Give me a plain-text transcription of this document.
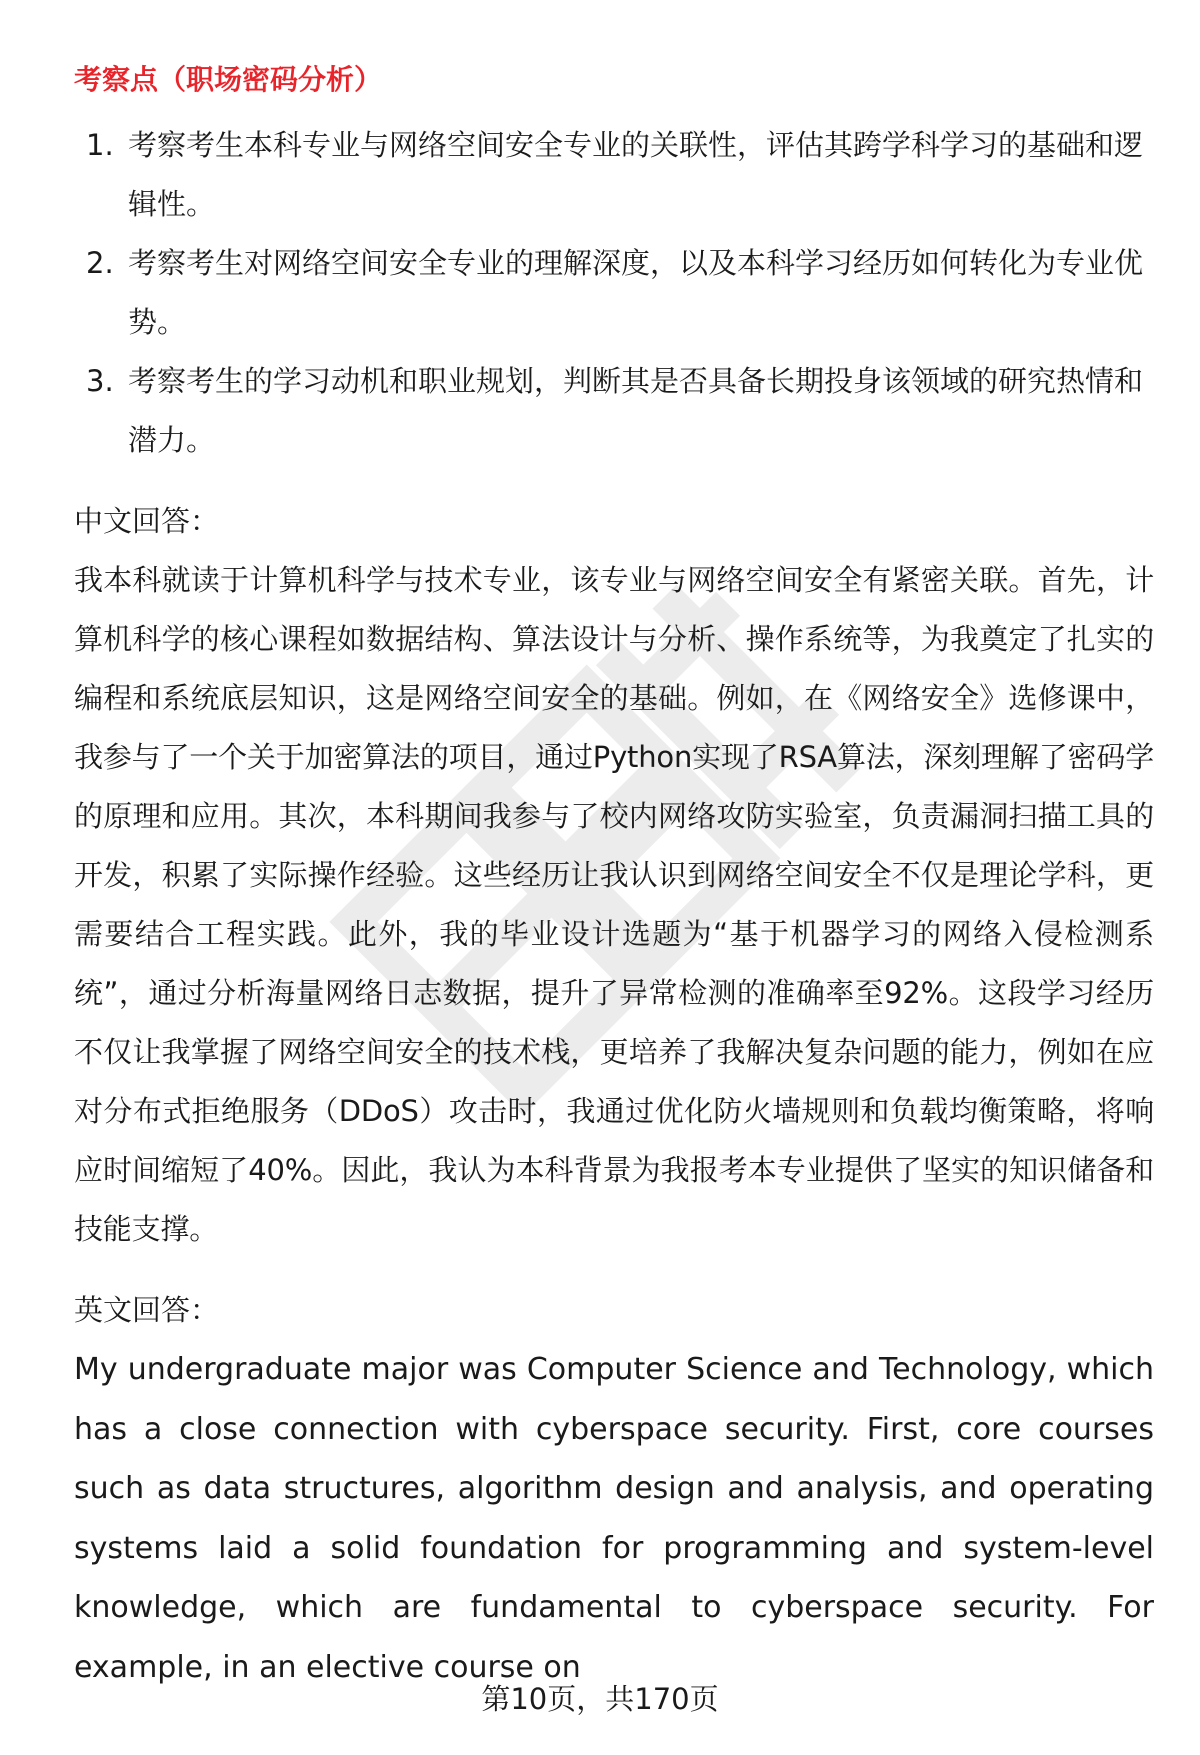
考察点（职场密码分析）
1. 考察考生本科专业与网络空间安全专业的关联性，评估其跨学科学习的基础和逻辑性。
2. 考察考生对网络空间安全专业的理解深度，以及本科学习经历如何转化为专业优势。
3. 考察考生的学习动机和职业规划，判断其是否具备长期投身该领域的研究热情和潜力。
中文回答：

我本科就读于计算机科学与技术专业，该专业与网络空间安全有紧密关联。首先，计算机科学的核心课程如数据结构、算法设计与分析、操作系统等，为我奠定了扎实的编程和系统底层知识，这是网络空间安全的基础。例如，在《网络安全》选修课中，我参与了一个关于加密算法的项目，通过Python实现了RSA算法，深刻理解了密码学的原理和应用。其次，本科期间我参与了校内网络攻防实验室，负责漏洞扫描工具的开发，积累了实际操作经验。这些经历让我认识到网络空间安全不仅是理论学科，更需要结合工程实践。此外，我的毕业设计选题为“基于机器学习的网络入侵检测系统”，通过分析海量网络日志数据，提升了异常检测的准确率至92%。这段学习经历不仅让我掌握了网络空间安全的技术栈，更培养了我解决复杂问题的能力，例如在应对分布式拒绝服务（DDoS）攻击时，我通过优化防火墙规则和负载均衡策略，将响应时间缩短了40%。因此，我认为本科背景为我报考本专业提供了坚实的知识储备和技能支撑。

英文回答：

My undergraduate major was Computer Science and Technology, which has a close connection with cyberspace security. First, core courses such as data structures, algorithm design and analysis, and operating systems laid a solid foundation for programming and system-level knowledge, which are fundamental to cyberspace security. For example, in an elective course on

第10页，共170页
